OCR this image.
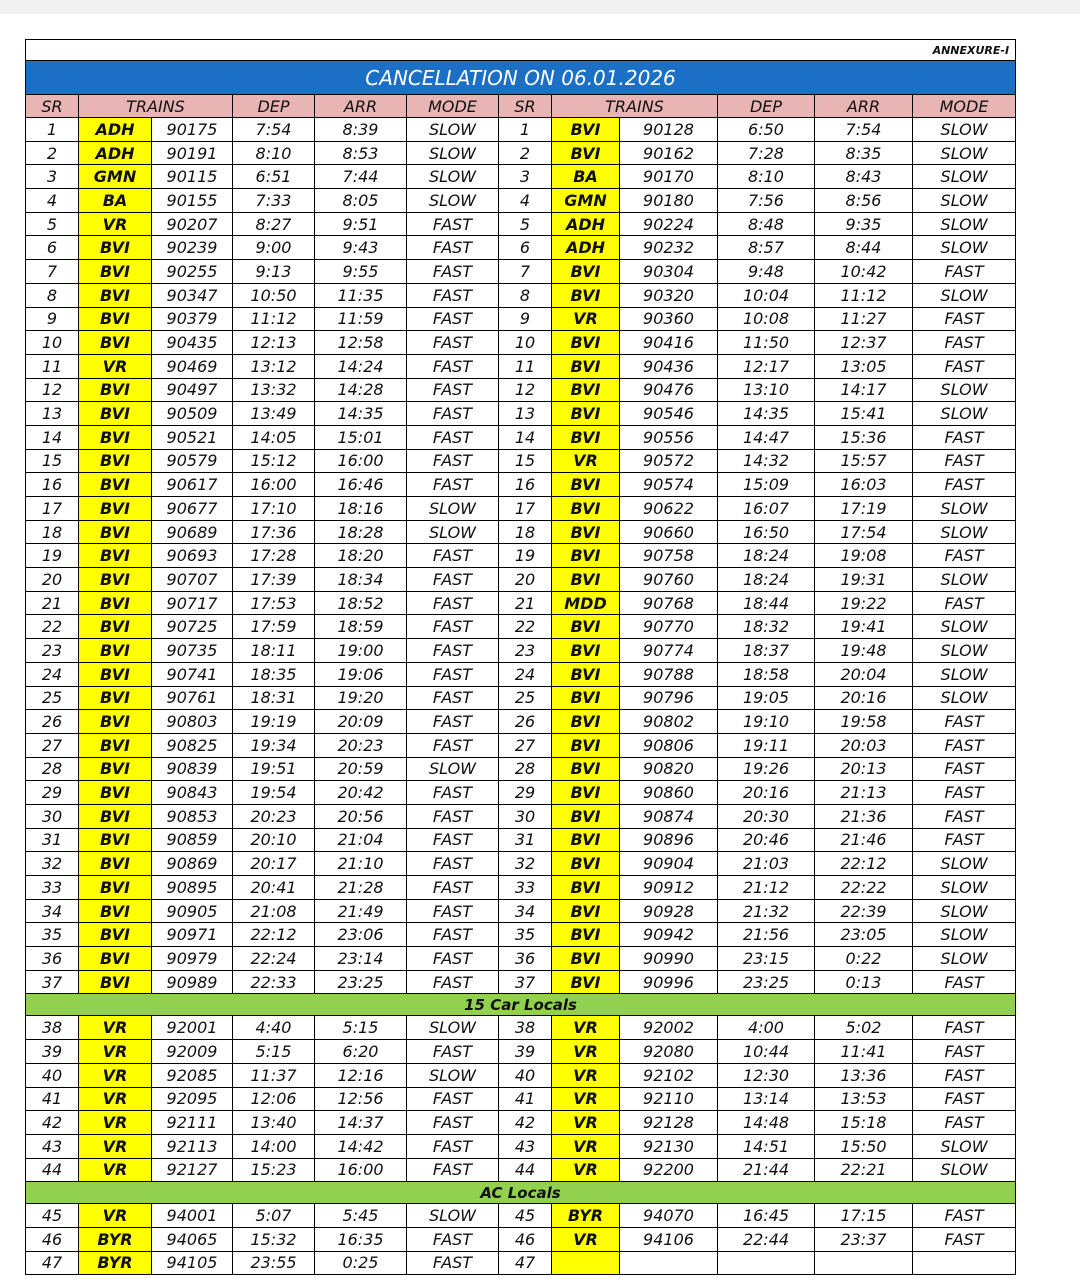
ANNEXURE-I											
CANCELLATION ON 06.01.2026											
SR	TRAINS		DEP	ARR	MODE	SR	TRAINS		DEP	ARR	MODE
1	ADH	90175	7:54	8:39	SLOW	1	BVI	90128	6:50	7:54	SLOW
2	ADH	90191	8:10	8:53	SLOW	2	BVI	90162	7:28	8:35	SLOW
3	GMN	90115	6:51	7:44	SLOW	3	BA	90170	8:10	8:43	SLOW
4	BA	90155	7:33	8:05	SLOW	4	GMN	90180	7:56	8:56	SLOW
5	VR	90207	8:27	9:51	FAST	5	ADH	90224	8:48	9:35	SLOW
6	BVI	90239	9:00	9:43	FAST	6	ADH	90232	8:57	8:44	SLOW
7	BVI	90255	9:13	9:55	FAST	7	BVI	90304	9:48	10:42	FAST
8	BVI	90347	10:50	11:35	FAST	8	BVI	90320	10:04	11:12	SLOW
9	BVI	90379	11:12	11:59	FAST	9	VR	90360	10:08	11:27	FAST
10	BVI	90435	12:13	12:58	FAST	10	BVI	90416	11:50	12:37	FAST
11	VR	90469	13:12	14:24	FAST	11	BVI	90436	12:17	13:05	FAST
12	BVI	90497	13:32	14:28	FAST	12	BVI	90476	13:10	14:17	SLOW
13	BVI	90509	13:49	14:35	FAST	13	BVI	90546	14:35	15:41	SLOW
14	BVI	90521	14:05	15:01	FAST	14	BVI	90556	14:47	15:36	FAST
15	BVI	90579	15:12	16:00	FAST	15	VR	90572	14:32	15:57	FAST
16	BVI	90617	16:00	16:46	FAST	16	BVI	90574	15:09	16:03	FAST
17	BVI	90677	17:10	18:16	SLOW	17	BVI	90622	16:07	17:19	SLOW
18	BVI	90689	17:36	18:28	SLOW	18	BVI	90660	16:50	17:54	SLOW
19	BVI	90693	17:28	18:20	FAST	19	BVI	90758	18:24	19:08	FAST
20	BVI	90707	17:39	18:34	FAST	20	BVI	90760	18:24	19:31	SLOW
21	BVI	90717	17:53	18:52	FAST	21	MDD	90768	18:44	19:22	FAST
22	BVI	90725	17:59	18:59	FAST	22	BVI	90770	18:32	19:41	SLOW
23	BVI	90735	18:11	19:00	FAST	23	BVI	90774	18:37	19:48	SLOW
24	BVI	90741	18:35	19:06	FAST	24	BVI	90788	18:58	20:04	SLOW
25	BVI	90761	18:31	19:20	FAST	25	BVI	90796	19:05	20:16	SLOW
26	BVI	90803	19:19	20:09	FAST	26	BVI	90802	19:10	19:58	FAST
27	BVI	90825	19:34	20:23	FAST	27	BVI	90806	19:11	20:03	FAST
28	BVI	90839	19:51	20:59	SLOW	28	BVI	90820	19:26	20:13	FAST
29	BVI	90843	19:54	20:42	FAST	29	BVI	90860	20:16	21:13	FAST
30	BVI	90853	20:23	20:56	FAST	30	BVI	90874	20:30	21:36	FAST
31	BVI	90859	20:10	21:04	FAST	31	BVI	90896	20:46	21:46	FAST
32	BVI	90869	20:17	21:10	FAST	32	BVI	90904	21:03	22:12	SLOW
33	BVI	90895	20:41	21:28	FAST	33	BVI	90912	21:12	22:22	SLOW
34	BVI	90905	21:08	21:49	FAST	34	BVI	90928	21:32	22:39	SLOW
35	BVI	90971	22:12	23:06	FAST	35	BVI	90942	21:56	23:05	SLOW
36	BVI	90979	22:24	23:14	FAST	36	BVI	90990	23:15	0:22	SLOW
37	BVI	90989	22:33	23:25	FAST	37	BVI	90996	23:25	0:13	FAST
15 Car Locals											
38	VR	92001	4:40	5:15	SLOW	38	VR	92002	4:00	5:02	FAST
39	VR	92009	5:15	6:20	FAST	39	VR	92080	10:44	11:41	FAST
40	VR	92085	11:37	12:16	SLOW	40	VR	92102	12:30	13:36	FAST
41	VR	92095	12:06	12:56	FAST	41	VR	92110	13:14	13:53	FAST
42	VR	92111	13:40	14:37	FAST	42	VR	92128	14:48	15:18	FAST
43	VR	92113	14:00	14:42	FAST	43	VR	92130	14:51	15:50	SLOW
44	VR	92127	15:23	16:00	FAST	44	VR	92200	21:44	22:21	SLOW
AC Locals											
45	VR	94001	5:07	5:45	SLOW	45	BYR	94070	16:45	17:15	FAST
46	BYR	94065	15:32	16:35	FAST	46	VR	94106	22:44	23:37	FAST
47	BYR	94105	23:55	0:25	FAST	47					
